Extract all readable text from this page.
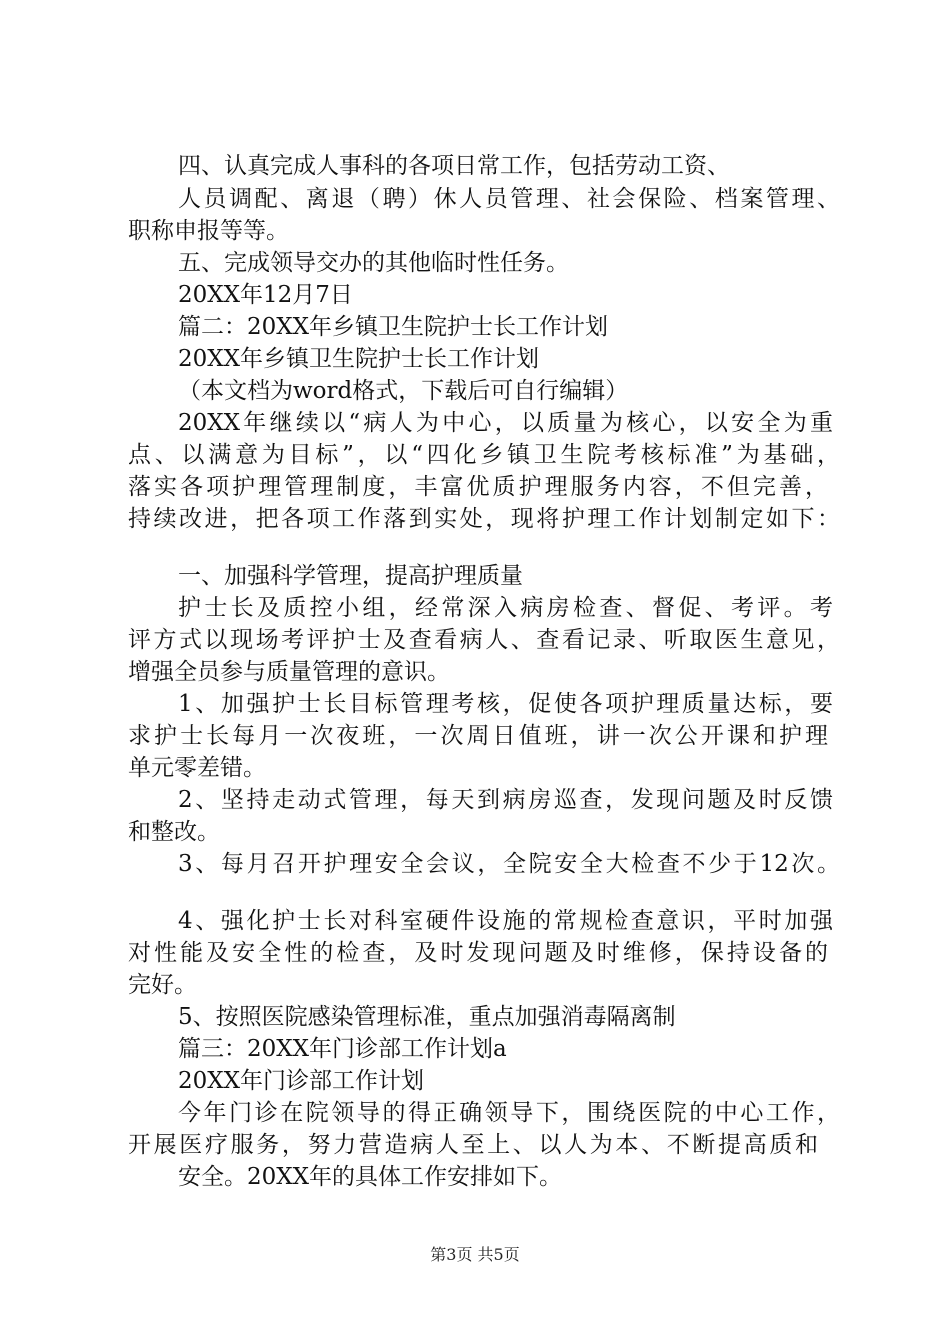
四、认真完成人事科的各项日常工作，包括劳动工资、
人员调配、离退（聘）休人员管理、社会保险、档案管理、
职称申报等等。
五、完成领导交办的其他临时性任务。
20XX年12月7日
篇二：20XX年乡镇卫生院护士长工作计划
20XX年乡镇卫生院护士长工作计划
（本文档为word格式，下载后可自行编辑）
20XX年继续以“病人为中心，以质量为核心，以安全为重
点、以满意为目标”，以“四化乡镇卫生院考核标准”为基础，
落实各项护理管理制度，丰富优质护理服务内容，不但完善，
持续改进，把各项工作落到实处，现将护理工作计划制定如下：
一、加强科学管理，提高护理质量
护士长及质控小组，经常深入病房检查、督促、考评。考
评方式以现场考评护士及查看病人、查看记录、听取医生意见，
增强全员参与质量管理的意识。
1、加强护士长目标管理考核，促使各项护理质量达标，要
求护士长每月一次夜班，一次周日值班，讲一次公开课和护理
单元零差错。
2、坚持走动式管理，每天到病房巡查，发现问题及时反馈
和整改。
3、每月召开护理安全会议，全院安全大检查不少于12次。
4、强化护士长对科室硬件设施的常规检查意识，平时加强
对性能及安全性的检查，及时发现问题及时维修，保持设备的
完好。
5、按照医院感染管理标准，重点加强消毒隔离制
篇三：20XX年门诊部工作计划a
20XX年门诊部工作计划
今年门诊在院领导的得正确领导下，围绕医院的中心工作，
开展医疗服务，努力营造病人至上、以人为本、不断提高质和
安全。20XX年的具体工作安排如下。
第3页 共5页
